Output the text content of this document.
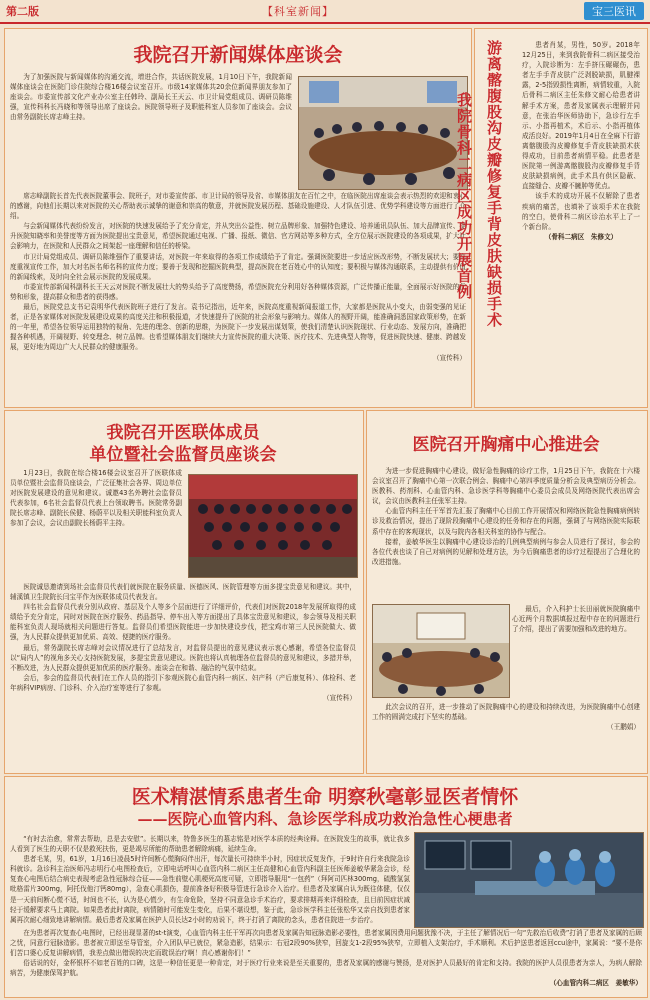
第二版	【科室新闻】	宝三医讯
我院召开新闻媒体座谈会

为了加强医院与新闻媒体的沟通交流，增进合作，共话医院发展，1月10日下午，我院新闻媒体座谈会在医院门诊住院综合楼16楼会议室召开。市级14家媒体共20余位新闻界朋友参加了座谈会。市委宣传部文化产业办公室主任韩玲、副局长王天云、市卫计局党组成员、调研员陈维强，宣传科科长冯晓和等领导出席了座谈会。医院领导班子及职能科室人员参加了座谈会。会议由常务副院长席志峰主持。

席志峰副院长首先代表医院董事会、院班子，对市委宣传部、市卫计局的领导及省、市媒体朋友在百忙之中，在临医院出席座谈会表示热烈的欢迎和衷心的感谢，向他们长期以来对医院的关心帮助表示诚挚的谢意和崇高的敬意，并就医院发展历程、基础设施建设、人才队伍引进、优势学科建设等方面进行了介绍。

与会新闻媒体代表纷纷发言，对医院的快速发展给予了充分肯定，并从突出公益性、树立品牌形象、加强特色建设、培养通讯员队伍、加大品牌宣传、提升医院知晓率和美誉度等方面为医院提出宝贵意见，希望医院通过电视、广播、报纸、微信、官方网站等多种方式，全方位展示医院建设的各项成果，扩大社会影响力，在医院和人民群众之间架起一座理解和信任的桥梁。

市卫计局党组成员、调研员陈维强作了重要讲话，对医院一年来取得的各项工作成绩给予了肯定。强调医院要进一步适应医改形势，不断发展状大；要高度重视宣传工作，加大对名医名师名科的宣传力度；要善于发现和挖掘医院典型，提高医院在老百姓心中的认知度；要积极与媒体沟通联系，主动提供有价值的新闻线索，及时向全社会展示医院的发展成果。

市委宣传部新闻科副科长王天云对医院不断发展壮大的势头给予了高度赞扬，希望医院充分利用好各种媒体资源，广泛传播正能量，全面展示好医院的优势和形象，提高群众和患者的获得感。

最后，医院党总支书记袁明华代表医院班子进行了发言。袁书记指出，近年来，医院高度重视新闻报道工作，大家都是医院从小变大，由弱变强的见证者，正是各家媒体对医院发展建设成果的高度关注和积极报道，才快速提升了医院的社会形象与影响力。媒体人的视野开阔，能准确洞悉国家政策形势，在新的一年里，希望各位领导运用独特的视角、先进的理念、创新的思维，为医院下一步发展出谋划策，使我们清楚认识医院现状、行业动态、发展方向，准确把握各种机遇，开阔视野、转变理念、树立品牌。也希望媒体朋友们继续大力宣传医院的重大决策、医疗技术、先进典型人物等，促进医院快速、健康、跨越发展，更好地为周边广大人民群众的健康服务。

（宣传科）
游离髂腹股沟皮瓣修复手背皮肤缺损手术
我院骨科二病区成功开展首例

患者肖某，男性，50岁。2018年12月25日，来到我院骨科二病区接受治疗，入院诊断为：左手挤压碾碾伤，患者左手手背皮肤广泛剥脱缺损，肌腱裸露，2-5指毁损性离断，病情较重，入院后骨科二病区主任朱修文耐心给患者讲解手术方案，患者及家属表示理解并同意，在张治华医师协助下，急诊行左手示、小指再植术，术后示、小指再植体成活良好。2019年1月4日在全麻下行游离髂腹股沟皮瓣修复手背皮肤缺损术获得成功，目前患者病情平稳。此患者是医院第一例游离髂腹股沟皮瓣修复手背皮肤缺损病例，此手术具有供区隐蔽、直接缝合、皮瓣不臃肿等优点。

该手术的成功开展不仅解除了患者疾病的痛苦，也填补了该项手术在我院的空白，使骨科二病区诊治水平上了一个新台阶。

（骨科二病区　朱修文）
我院召开医联体成员
单位暨社会监督员座谈会

1月23日，我院在综合楼16楼会议室召开了医联体成员单位暨社会监督员座谈会，广泛征集社会各界、周边单位对医院发展建设的意见和建议。诚邀43名外聘社会监督员代表参加，6名社会监督员代表上台领取聘书。医院常务副院长席志峰、副院长侯健、杨蔚平以及相关职能科室负责人参加了会议，会议由副院长杨蔚平主持。

医院诚恳邀请到场社会监督员代表们就医院在服务质量、医德医风、医院管理等方面多提宝贵意见和建议。其中，辅溪镇卫生院院长闫宝平作为医联体成员代表发言。

四名社会监督员代表分别从政府、基层及个人等多个层面进行了详细评价，代表们对医院2018年发展所取得的成绩给予充分肯定，同时对医院在医疗服务、药品指导、停车出入等方面提出了具体宝贵意见和建议，参会领导及相关职能科室负责人现场就相关问题进行答复。监督员们希望医院能进一步加快建设步伐，把宝鸡市第三人民医院做大、做强，为人民群众提供更加优质、高效、便捷的医疗服务。

最后，常务副院长席志峰对会议情况进行了总结发言，对监督员提出的意见建议表示衷心感谢，希望各位监督员以“局内人”的视角多关心支持医院发展，多提宝贵意见建议。医院也将认真梳理各位监督员的意见和建议，多措并举，不断改进，为人民群众提供更加优质的医疗服务。座谈会在和谐、融洽的气氛中结束。

会后，参会的监督员代表们在工作人员的指引下参观医院心血管内科一病区、妇产科（产后康复科）、体检科、老年病科VIP病房、门诊科、介入治疗室等进行了参观。

（宣传科）
医院召开胸痛中心推进会

为进一步促进胸痛中心建设，做好急性胸痛的诊疗工作，1月25日下午，我院在十六楼会议室召开了胸痛中心第一次联合例会、胸痛中心第四季度质量分析会及典型病历分析会。医教科、药剂科、心血管内科、急诊医学科等胸痛中心委员会成员及网络医院代表出席会议，会议由医教科主任张军主持。

心血管内科主任干军首先汇报了胸痛中心目前工作开展情况和网络医院急性胸痛病例转诊及救治情况，提出了现阶段胸痛中心建设的任务和存在的问题，强调了与网络医院实际联系中存在的客观现状，以及与院内各相关科室的协作与配合。

接着，姜敏华医生以胸痛中心建设诊治的几例典型病例与参会人员进行了探讨，参会的各位代表也谈了自己对病例的见解和处理方法，为今后胸痛患者的诊疗过程提出了合理化的改进措施。

最后，介入科护士长田丽就医院胸痛中心近两个月数据填报过程中存在的问题进行了介绍，提出了需要加强和改进的地方。

此次会议的召开，进一步推动了医院胸痛中心的建设和持续改进，为医院胸痛中心创建工作的圆满完成打下坚实的基础。

（王鹏娟）
医术精湛情系患者生命 明察秋毫彰显医者情怀
——医院心血管内科、急诊医学科成功救治急性心梗患者

“有时去治愈，常常去帮助，总是去安慰”。长期以来，特鲁多医生的墓志铭是对医学本质的经典诠释。在医院发生的故事，就让我多人看到了医生的天职不仅是救死扶伤，更是竭尽所能的帮助患者解除病痛，延续生命。

患者毛某，男，61岁，1月16日凌晨5时许间断心慌胸闷伴出汗，每次量长可持续半小时，因症状反复发作，于9时许自行来我院急诊科就诊。急诊科主治医师冯志明行心电图检查后，立即电话呼叫心血管内科二病区主任高健和心血管内科副主任医师姜敏华紧急会诊，经复查心电图后结合病史表现考虑急性冠脉综合征——急性前壁心肌梗死高度可疑，立即指导服用“一包药”（拜阿司匹林300mg，硫酸氢氯吡格雷片300mg，阿托伐他汀钙80mg），急查心肌损伤，提前准备好积极导管进行急诊介入治疗。但患者及家属自认为既往体健，仅仅是一天前间断心慌不适，时间也不长，认为是心慌少，有生命危险，坚持不同意急诊手术治疗，要求排期再来详细检查，且目前因症状减轻于缓解要求马上离院。如果患者此时离院，病情随时可能发生变化，后果不堪设想，鉴于此，急诊医学科主任张松华又亲自找到患者家属再次耐心细致地讲解病情。最后患者及家属在医护人员长达2小时的劝说下，终于打消了离院的念头，患者住院进一步治疗。

在为患者再次复查心电图时，已经出现显著的st-t演变，心血管内科主任干军再次向患者及家属告知冠脉造影必要性，患者家属因费用问题犹豫不决，于主任了解情况后一句“先救治后收费”打消了患者及家属的后顾之忧，同意行冠脉造影。患者被立即送至导管室，介入团队早已就位，紧急造影，结果示：右冠2段90%狭窄，回旋支1-2段95%狭窄，立即植入支架治疗，手术顺利。术后护送患者返回ccu途中，家属说：“要不是你们苦口婆心反复讲解病情，我差点做出错误的决定而耽误治疗啊！真心感谢你们！”

俗话说的好，金杯银杯不如老百姓的口碑，这是一种信任更是一种肯定，对于医疗行业来说是至关重要的，患者及家属的感谢与赞扬，是对医护人员最好的肯定和支持。我院的医护人员很患者为亲人，为病人解除病苦，为健康保驾护航。

（心血管内科二病区　姜敏华）
